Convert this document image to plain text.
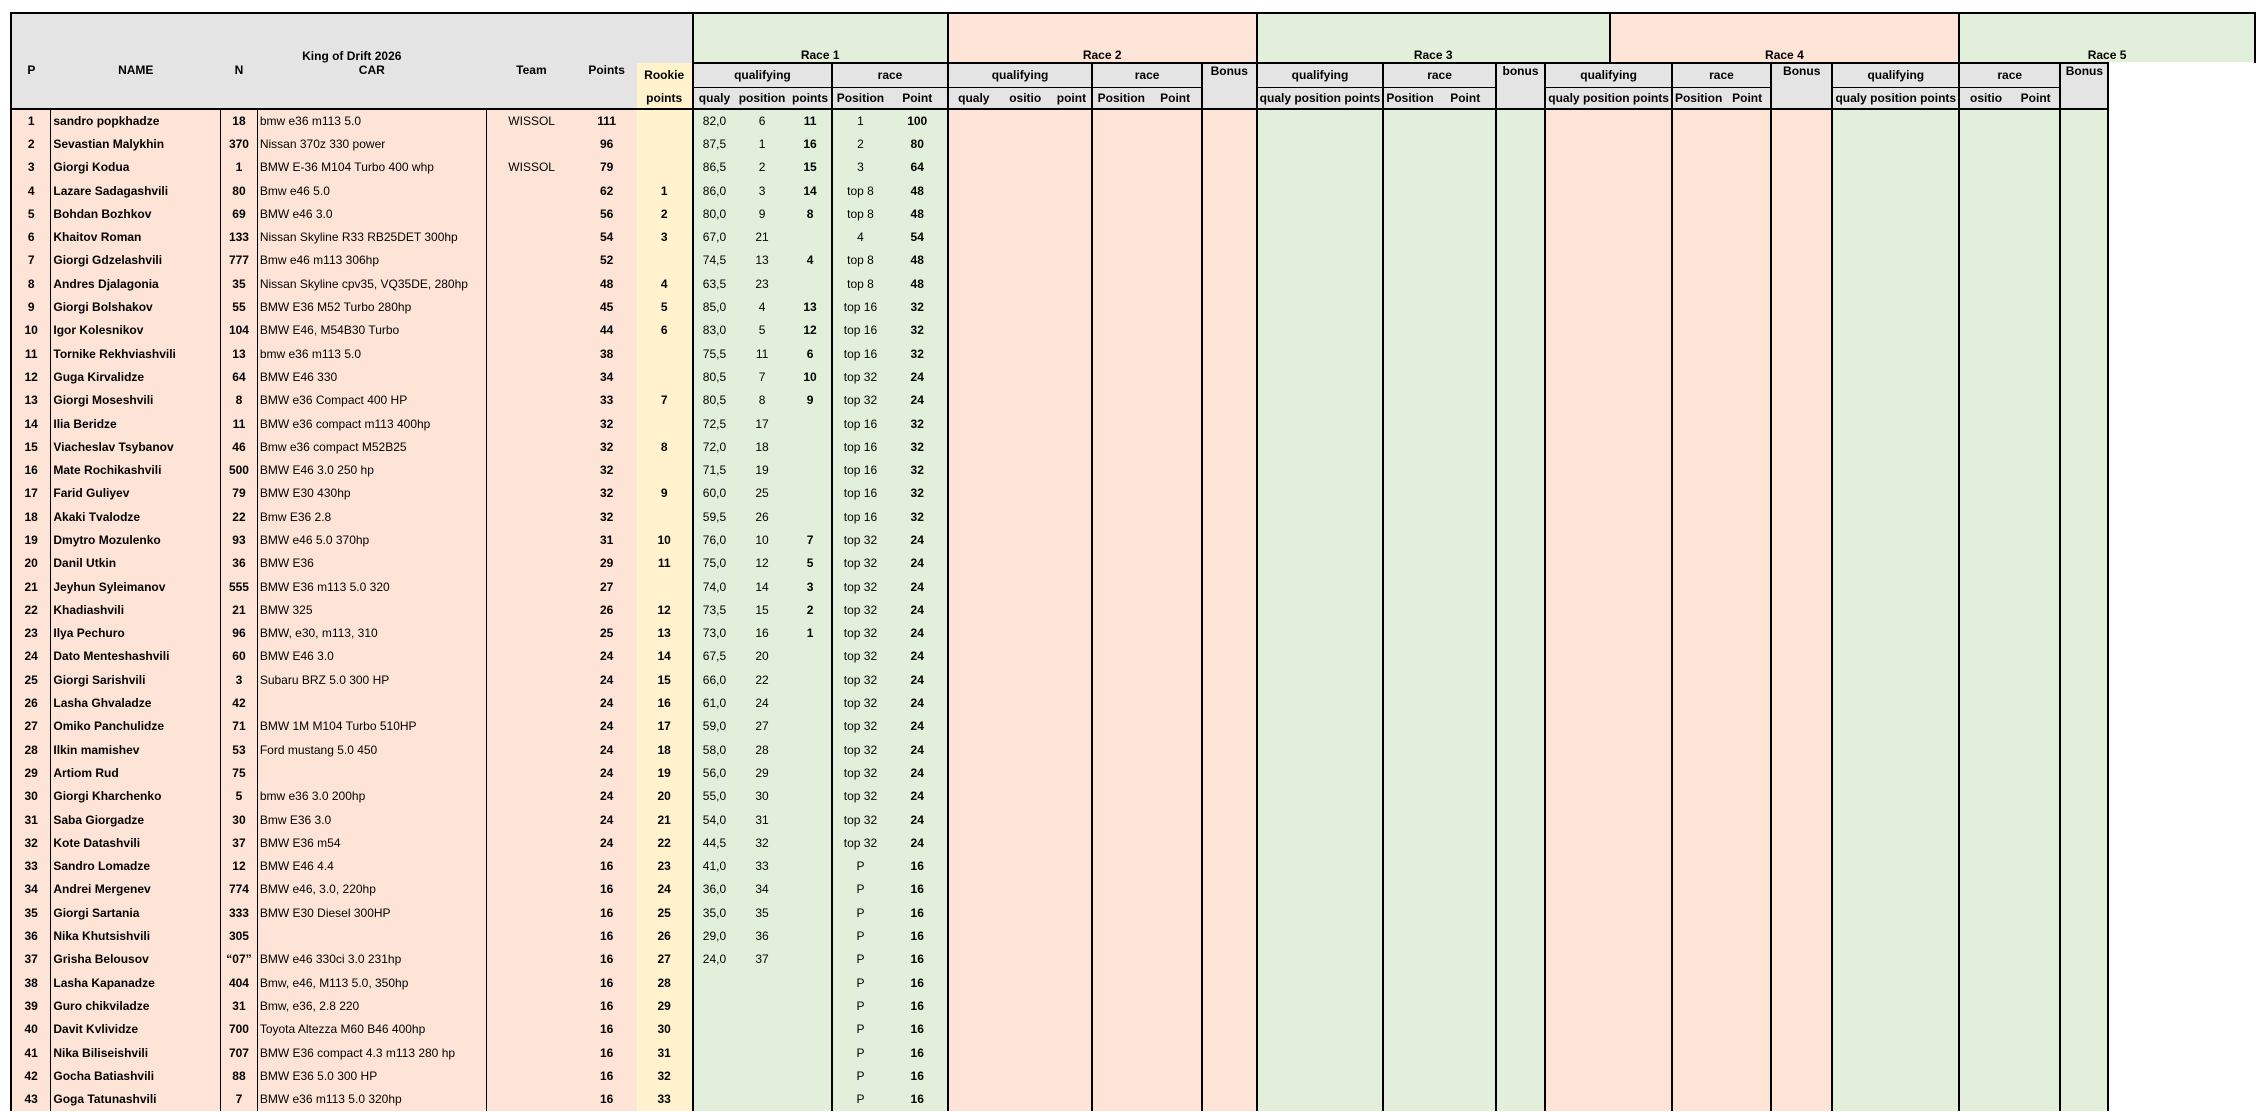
King of Drift 2026							Race 1					Race 2						Race 3						Race 4						Race 5		
P	NAME	N	CAR	Team	Points	Rookie	qualifying			race		qualifying			race		Bonus	qualifying		race		bonus	qualifying		race		Bonus	qualifying		race		Bonus
						points	qualy	position	points	Position	Point	qualy	ositio	point	Position	Point		qualy position points		Position	Point		qualy position points		Position	Point		qualy position points		ositio	Point	
1	sandro popkhadze	18	bmw e36 m113 5.0	WISSOL	111		82,0	6	11	1	100																					
2	Sevastian Malykhin	370	Nissan 370z 330 power		96		87,5	1	16	2	80																					
3	Giorgi Kodua	1	BMW E-36 M104 Turbo 400 whp	WISSOL	79		86,5	2	15	3	64																					
4	Lazare Sadagashvili	80	Bmw e46 5.0		62	1	86,0	3	14	top 8	48																					
5	Bohdan Bozhkov	69	BMW e46 3.0		56	2	80,0	9	8	top 8	48																					
6	Khaitov Roman	133	Nissan Skyline R33 RB25DET 300hp		54	3	67,0	21		4	54																					
7	Giorgi Gdzelashvili	777	Bmw e46 m113 306hp		52		74,5	13	4	top 8	48																					
8	Andres Djalagonia	35	Nissan Skyline cpv35, VQ35DE, 280hp		48	4	63,5	23		top 8	48																					
9	Giorgi Bolshakov	55	BMW E36 M52 Turbo 280hp		45	5	85,0	4	13	top 16	32																					
10	Igor Kolesnikov	104	BMW E46, M54B30 Turbo		44	6	83,0	5	12	top 16	32																					
11	Tornike Rekhviashvili	13	bmw e36 m113 5.0		38		75,5	11	6	top 16	32																					
12	Guga Kirvalidze	64	BMW E46 330		34		80,5	7	10	top 32	24																					
13	Giorgi Moseshvili	8	BMW e36 Compact 400 HP		33	7	80,5	8	9	top 32	24																					
14	Ilia Beridze	11	BMW e36 compact m113 400hp		32		72,5	17		top 16	32																					
15	Viacheslav Tsybanov	46	Bmw e36 compact M52B25		32	8	72,0	18		top 16	32																					
16	Mate Rochikashvili	500	BMW E46 3.0 250 hp		32		71,5	19		top 16	32																					
17	Farid Guliyev	79	BMW E30 430hp		32	9	60,0	25		top 16	32																					
18	Akaki Tvalodze	22	Bmw E36 2.8		32		59,5	26		top 16	32																					
19	Dmytro Mozulenko	93	BMW e46 5.0 370hp		31	10	76,0	10	7	top 32	24																					
20	Danil Utkin	36	BMW E36		29	11	75,0	12	5	top 32	24																					
21	Jeyhun Syleimanov	555	BMW E36 m113 5.0 320		27		74,0	14	3	top 32	24																					
22	Khadiashvili	21	BMW 325		26	12	73,5	15	2	top 32	24																					
23	Ilya Pechuro	96	BMW, e30, m113, 310		25	13	73,0	16	1	top 32	24																					
24	Dato Menteshashvili	60	BMW E46 3.0		24	14	67,5	20		top 32	24																					
25	Giorgi Sarishvili	3	Subaru BRZ 5.0 300 HP		24	15	66,0	22		top 32	24																					
26	Lasha Ghvaladze	42			24	16	61,0	24		top 32	24																					
27	Omiko Panchulidze	71	BMW 1M M104 Turbo 510HP		24	17	59,0	27		top 32	24																					
28	Ilkin mamishev	53	Ford mustang 5.0 450		24	18	58,0	28		top 32	24																					
29	Artiom Rud	75			24	19	56,0	29		top 32	24																					
30	Giorgi Kharchenko	5	bmw e36 3.0 200hp		24	20	55,0	30		top 32	24																					
31	Saba Giorgadze	30	Bmw E36 3.0		24	21	54,0	31		top 32	24																					
32	Kote Datashvili	37	BMW E36 m54		24	22	44,5	32		top 32	24																					
33	Sandro Lomadze	12	BMW E46 4.4		16	23	41,0	33		P	16																					
34	Andrei Mergenev	774	BMW e46, 3.0, 220hp		16	24	36,0	34		P	16																					
35	Giorgi Sartania	333	BMW E30 Diesel 300HP		16	25	35,0	35		P	16																					
36	Nika Khutsishvili	305			16	26	29,0	36		P	16																					
37	Grisha Belousov	“07”	BMW e46 330ci 3.0 231hp		16	27	24,0	37		P	16																					
38	Lasha Kapanadze	404	Bmw, e46, M113 5.0, 350hp		16	28				P	16																					
39	Guro chikviladze	31	Bmw, e36, 2.8 220		16	29				P	16																					
40	Davit Kvlividze	700	Toyota Altezza M60 B46 400hp		16	30				P	16																					
41	Nika Biliseishvili	707	BMW E36 compact 4.3 m113 280 hp		16	31				P	16																					
42	Gocha Batiashvili	88	BMW E36 5.0 300 HP		16	32				P	16																					
43	Goga Tatunashvili	7	BMW e36 m113 5.0 320hp		16	33				P	16																					
